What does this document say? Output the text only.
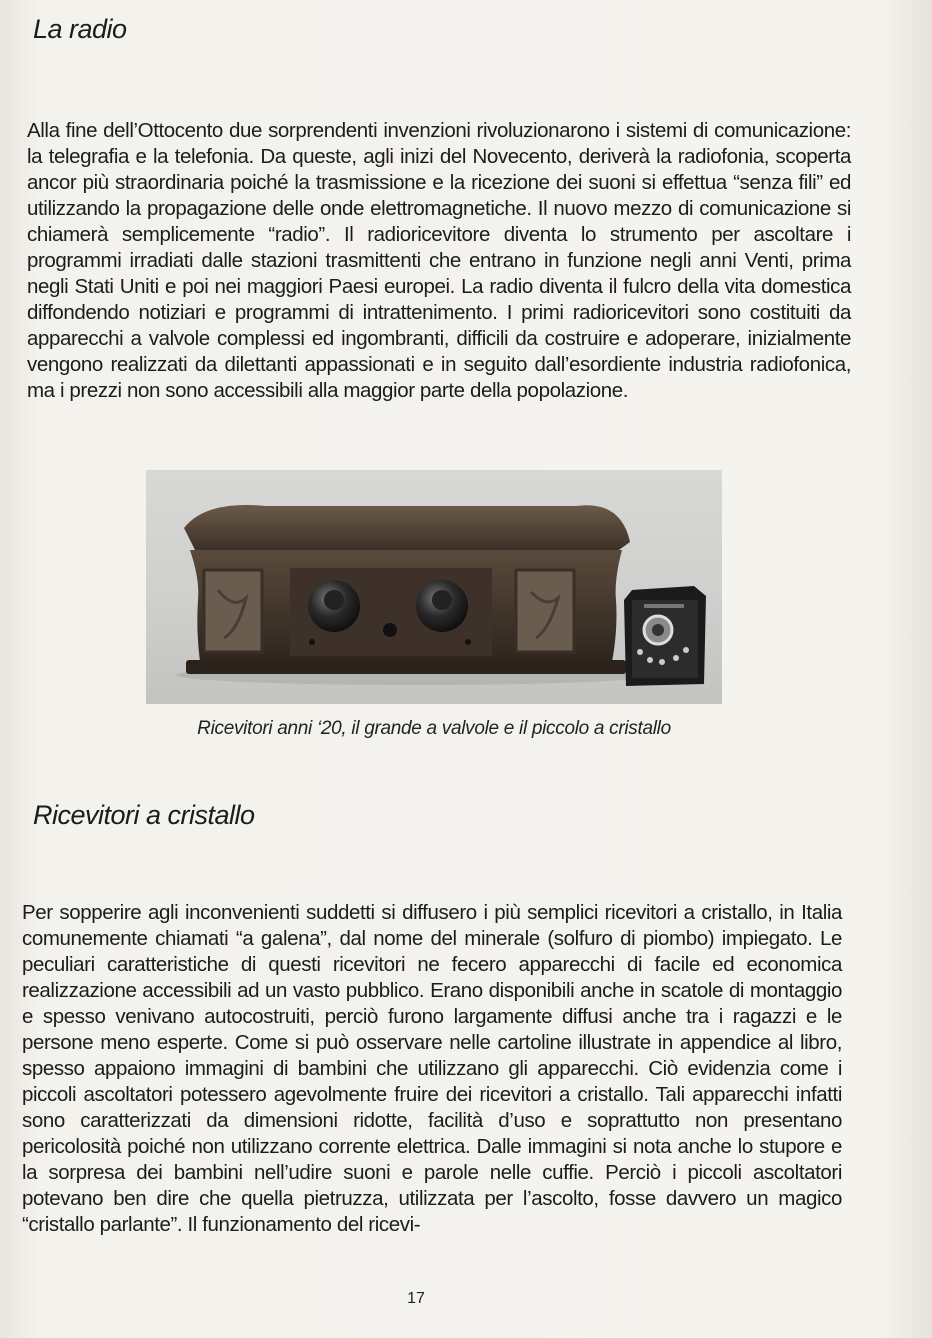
La radio

Alla fine dell’Ottocento due sorprendenti invenzioni rivoluzionarono i sistemi di comunicazione: la telegrafia e la telefonia. Da queste, agli inizi del Novecento, deriverà la radiofonia, scoperta ancor più straordinaria poiché la trasmissione e la ricezione dei suoni si effettua “senza fili” ed utilizzando la propagazione delle onde elettromagnetiche. Il nuovo mezzo di comunicazione si chiamerà semplicemente “radio”. Il radioricevitore diventa lo strumento per ascoltare i programmi irradiati dalle stazioni trasmittenti che entrano in funzione negli anni Venti, prima negli Stati Uniti e poi nei maggiori Paesi europei. La radio diventa il fulcro della vita domestica diffondendo notiziari e programmi di intrattenimento. I primi radioricevitori sono costituiti da apparecchi a valvole complessi ed ingombranti, difficili da costruire e adoperare, inizialmente vengono realizzati da dilettanti appassionati e in seguito dall’esordiente industria radiofonica, ma i prezzi non sono accessibili alla maggior parte della popolazione.

Ricevitori anni ‘20, il grande a valvole e il piccolo a cristallo
Ricevitori a cristallo

Per sopperire agli inconvenienti suddetti si diffusero i più semplici ricevitori a cristallo, in Italia comunemente chiamati “a galena”, dal nome del minerale (solfuro di piombo) impiegato. Le peculiari caratteristiche di questi ricevitori ne fecero apparecchi di facile ed economica realizzazione accessibili ad un vasto pubblico. Erano disponibili anche in scatole di montaggio e spesso venivano autocostruiti, perciò furono largamente diffusi anche tra i ragazzi e le persone meno esperte. Come si può osservare nelle cartoline illustrate in appendice al libro, spesso appaiono immagini di bambini che utilizzano gli apparecchi. Ciò evidenzia come i piccoli ascoltatori potessero agevolmente fruire dei ricevitori a cristallo. Tali apparecchi infatti sono caratterizzati da dimensioni ridotte, facilità d’uso e soprattutto non presentano pericolosità poiché non utilizzano corrente elettrica. Dalle immagini si nota anche lo stupore e la sorpresa dei bambini nell’udire suoni e parole nelle cuffie. Perciò i piccoli ascoltatori potevano ben dire che quella pietruzza, utilizzata per l’ascolto, fosse davvero un magico “cristallo parlante”. Il funzionamento del ricevi-

17
